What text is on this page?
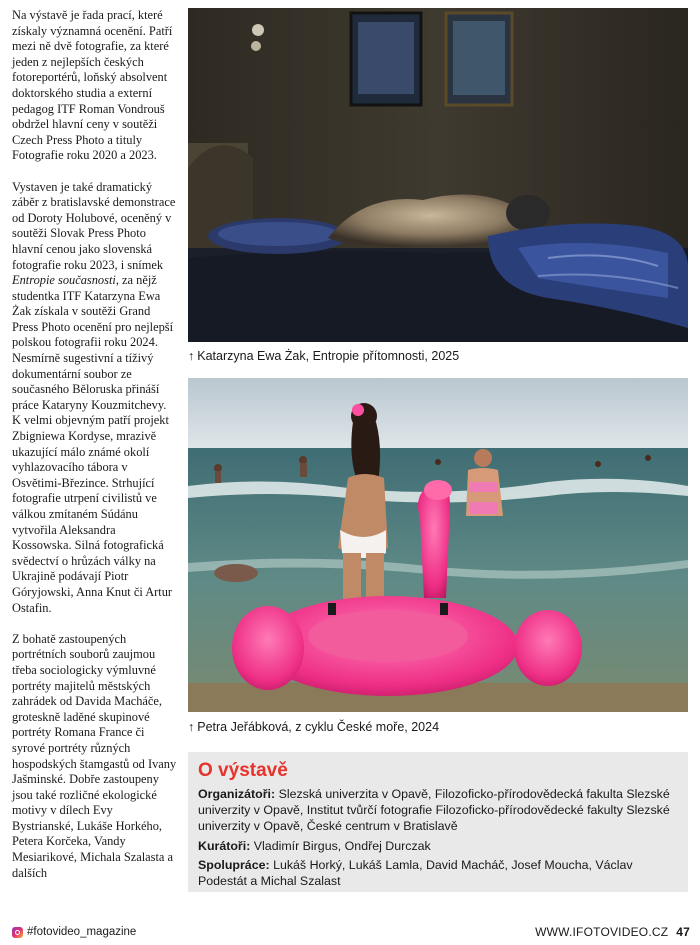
Na výstavě je řada prací, které získaly významná ocenění. Patří mezi ně dvě fotografie, za které jeden z nejlepších českých fotoreportérů, loňský absolvent doktorského studia a externí pedagog ITF Roman Vondrouš obdržel hlavní ceny v soutěži Czech Press Photo a tituly Fotografie roku 2020 a 2023.

Vystaven je také dramatický záběr z bratislavské demonstrace od Doroty Holubové, oceněný v soutěži Slovak Press Photo hlavní cenou jako slovenská fotografie roku 2023, i snímek Entropie současnosti, za nějž studentka ITF Katarzyna Ewa Żak získala v soutěži Grand Press Photo ocenění pro nejlepší polskou fotografii roku 2024. Nesmírně sugestivní a tíživý dokumentární soubor ze současného Běloruska přináší práce Kataryny Kouzmitchevy. K velmi objevným patří projekt Zbigniewa Kordyse, mrazivě ukazující málo známé okolí vyhlazovacího tábora v Osvětimi-Březince. Strhující fotografie utrpení civilistů ve válkou zmítaném Súdánu vytvořila Aleksandra Kossowska. Silná fotografická svědectví o hrůzách války na Ukrajině podávají Piotr Góryjowski, Anna Knut či Artur Ostafin.

Z bohatě zastoupených portrétních souborů zaujmou třeba sociologicky výmluvné portréty majitelů městských zahrádek od Davida Macháče, groteskně laděné skupinové portréty Romana France či syrové portréty různých hospodských štamgastů od Ivany Jašminské. Dobře zastoupeny jsou také rozličné ekologické motivy v dílech Evy Bystrianské, Lukáše Horkého, Petera Korčeka, Vandy Mesiarikové, Michala Szalasta a dalších

↑ Katarzyna Ewa Żak, Entropie přítomnosti, 2025
↑ Petra Jeřábková, z cyklu České moře, 2024
O výstavě
Organizátoři: Slezská univerzita v Opavě, Filozoficko-přírodovědecká fakulta Slezské univerzity v Opavě, Institut tvůrčí fotografie Filozoficko-přírodovědecké fakulty Slezské univerzity v Opavě, České centrum v Bratislavě
Kurátoři: Vladimír Birgus, Ondřej Durczak
Spolupráce: Lukáš Horký, Lukáš Lamla, David Macháč, Josef Moucha, Václav Podestát a Michal Szalast
#fotovideo_magazine	WWW.IFOTOVIDEO.CZ 47
